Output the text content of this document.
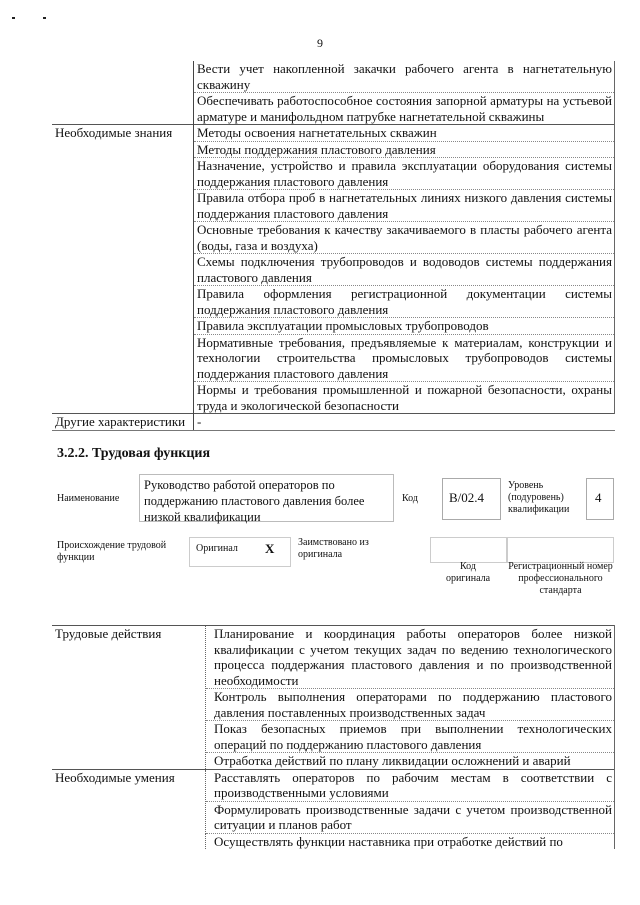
9
	Вести учет накопленной закачки рабочего агента в нагнетательную скважину
	Обеспечивать работоспособное состояния запорной арматуры на устьевой арматуре и манифольдном патрубке нагнетательной скважины
Необходимые знания	Методы освоения нагнетательных скважин
	Методы поддержания пластового давления
	Назначение, устройство и правила эксплуатации оборудования системы поддержания пластового давления
	Правила отбора проб в нагнетательных линиях низкого давления системы поддержания пластового давления
	Основные требования к качеству закачиваемого в пласты рабочего агента (воды, газа и воздуха)
	Схемы подключения трубопроводов и водоводов системы поддержания пластового давления
	Правила оформления регистрационной документации системы поддержания пластового давления
	Правила эксплуатации промысловых трубопроводов
	Нормативные требования, предъявляемые к материалам, конструкции и технологии строительства промысловых трубопроводов системы поддержания пластового давления
	Нормы и требования промышленной и пожарной безопасности, охраны труда и экологической безопасности
Другие характеристики	-
3.2.2. Трудовая функция
Наименование
Руководство работой операторов по поддержанию пластового давления более низкой квалификации
Код B/02.4
Уровень (подуровень) квалификации
4
Происхождение трудовой функции
Оригинал X Заимствовано из оригинала
Код оригинала
Регистрационный номер профессионального стандарта
Трудовые действия	Планирование и координация работы операторов более низкой квалификации с учетом текущих задач по ведению технологического процесса поддержания пластового давления и по производственной необходимости
	Контроль выполнения операторами по поддержанию пластового давления поставленных производственных задач
	Показ безопасных приемов при выполнении технологических операций по поддержанию пластового давления
	Отработка действий по плану ликвидации осложнений и аварий
Необходимые умения	Расставлять операторов по рабочим местам в соответствии с производственными условиями
	Формулировать производственные задачи с учетом производственной ситуации и планов работ
	Осуществлять функции наставника при отработке действий по
